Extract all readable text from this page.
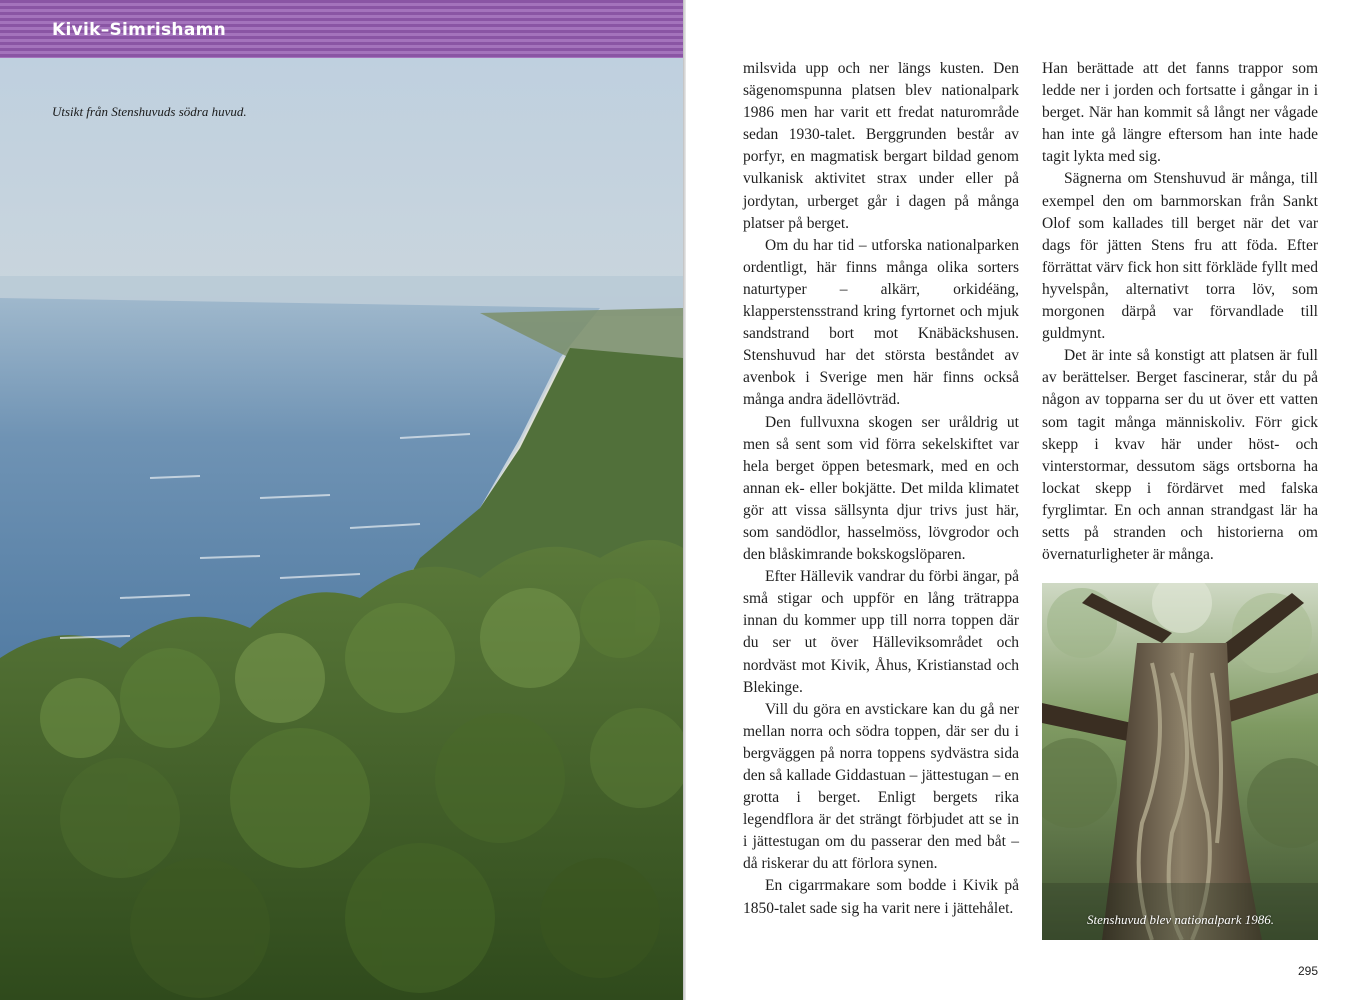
Kivik–Simrishamn
Utsikt från Stenshuvuds södra huvud.

milsvida upp och ner längs kusten. Den sägenomspunna platsen blev nationalpark 1986 men har varit ett fredat naturområde sedan 1930-talet. Berggrunden består av porfyr, en magmatisk bergart bildad genom vulkanisk aktivitet strax under eller på jordytan, urberget går i dagen på många platser på berget.

Om du har tid – utforska nationalparken ordentligt, här finns många olika sorters naturtyper – alkärr, orkidéäng, klapperstensstrand kring fyrtornet och mjuk sandstrand bort mot Knäbäckshusen. Stenshuvud har det största beståndet av avenbok i Sverige men här finns också många andra ädellövträd.

Den fullvuxna skogen ser uråldrig ut men så sent som vid förra sekelskiftet var hela berget öppen betesmark, med en och annan ek- eller bokjätte. Det milda klimatet gör att vissa sällsynta djur trivs just här, som sandödlor, hasselmöss, lövgrodor och den blåskimrande bokskogslöparen.

Efter Hällevik vandrar du förbi ängar, på små stigar och uppför en lång trätrappa innan du kommer upp till norra toppen där du ser ut över Hälleviksområdet och nordväst mot Kivik, Åhus, Kristianstad och Blekinge.

Vill du göra en avstickare kan du gå ner mellan norra och södra toppen, där ser du i bergväggen på norra toppens sydvästra sida den så kallade Giddastuan – jättestugan – en grotta i berget. Enligt bergets rika legendflora är det strängt förbjudet att se in i jättestugan om du passerar den med båt – då riskerar du att förlora synen.

En cigarrmakare som bodde i Kivik på 1850-talet sade sig ha varit nere i jättehålet.

Han berättade att det fanns trappor som ledde ner i jorden och fortsatte i gångar in i berget. När han kommit så långt ner vågade han inte gå längre eftersom han inte hade tagit lykta med sig.

Sägnerna om Stenshuvud är många, till exempel den om barnmorskan från Sankt Olof som kallades till berget när det var dags för jätten Stens fru att föda. Efter förrättat värv fick hon sitt förkläde fyllt med hyvelspån, alternativt torra löv, som morgonen därpå var förvandlade till guldmynt.

Det är inte så konstigt att platsen är full av berättelser. Berget fascinerar, står du på någon av topparna ser du ut över ett vatten som tagit många människoliv. Förr gick skepp i kvav här under höst- och vinterstormar, dessutom sägs ortsborna ha lockat skepp i fördärvet med falska fyrglimtar. En och annan strandgast lär ha setts på stranden och historierna om övernaturligheter är många.

Stenshuvud blev nationalpark 1986.
295
